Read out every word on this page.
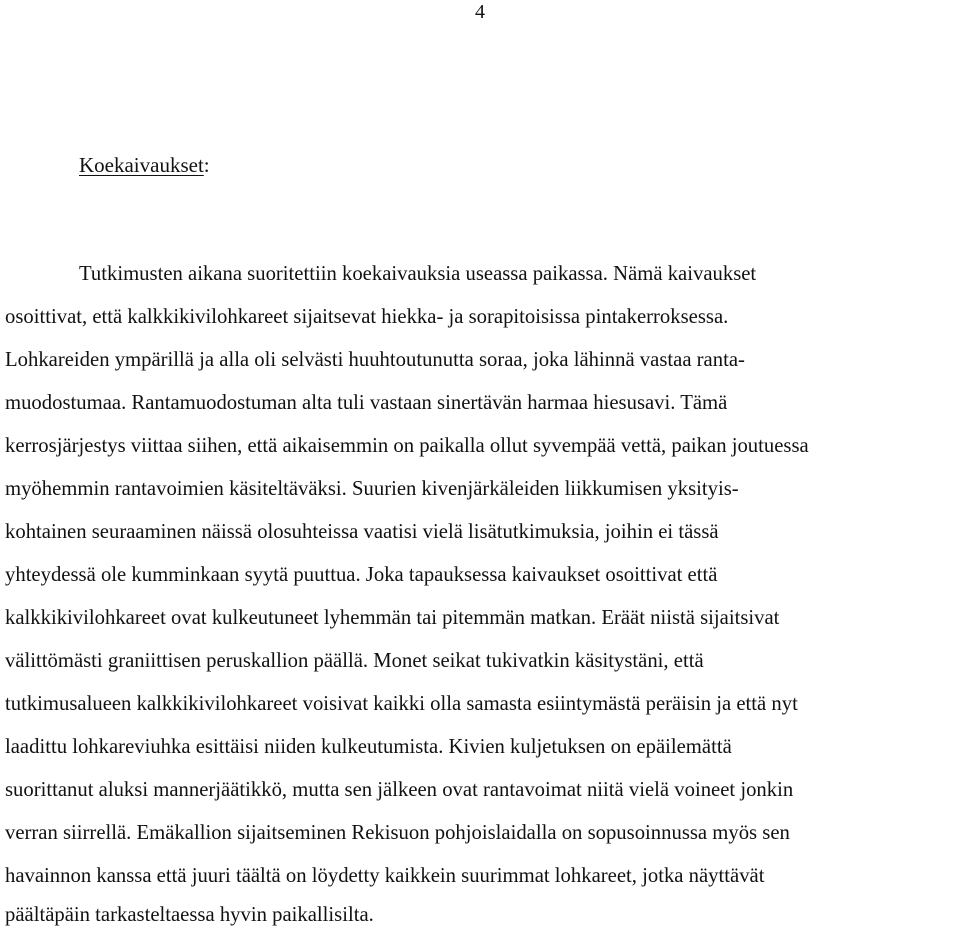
4
Koekaivaukset:
Tutkimusten aikana suoritettiin koekaivauksia useassa paikassa. Nämä kaivaukset
osoittivat, että kalkkikivilohkareet sijaitsevat hiekka- ja sorapitoisissa pintakerroksessa.
Lohkareiden ympärillä ja alla oli selvästi huuhtoutunutta soraa, joka lähinnä vastaa ranta-
muodostumaa. Rantamuodostuman alta tuli vastaan sinertävän harmaa hiesusavi. Tämä
kerrosjärjestys viittaa siihen, että aikaisemmin on paikalla ollut syvempää vettä, paikan joutuessa
myöhemmin rantavoimien käsiteltäväksi. Suurien kivenjärkäleiden liikkumisen yksityis-
kohtainen seuraaminen näissä olosuhteissa vaatisi vielä lisätutkimuksia, joihin ei tässä
yhteydessä ole kumminkaan syytä puuttua. Joka tapauksessa kaivaukset osoittivat että
kalkkikivilohkareet ovat kulkeutuneet lyhemmän tai pitemmän matkan. Eräät niistä sijaitsivat
välittömästi graniittisen peruskallion päällä. Monet seikat tukivatkin käsitystäni, että
tutkimusalueen kalkkikivilohkareet voisivat kaikki olla samasta esiintymästä peräisin ja että nyt
laadittu lohkareviuhka esittäisi niiden kulkeutumista. Kivien kuljetuksen on epäilemättä
suorittanut aluksi mannerjäätikkö, mutta sen jälkeen ovat rantavoimat niitä vielä voineet jonkin
verran siirrellä. Emäkallion sijaitseminen Rekisuon pohjoislaidalla on sopusoinnussa myös sen
havainnon kanssa että juuri täältä on löydetty kaikkein suurimmat lohkareet, jotka näyttävät
päältäpäin tarkasteltaessa hyvin paikallisilta.
